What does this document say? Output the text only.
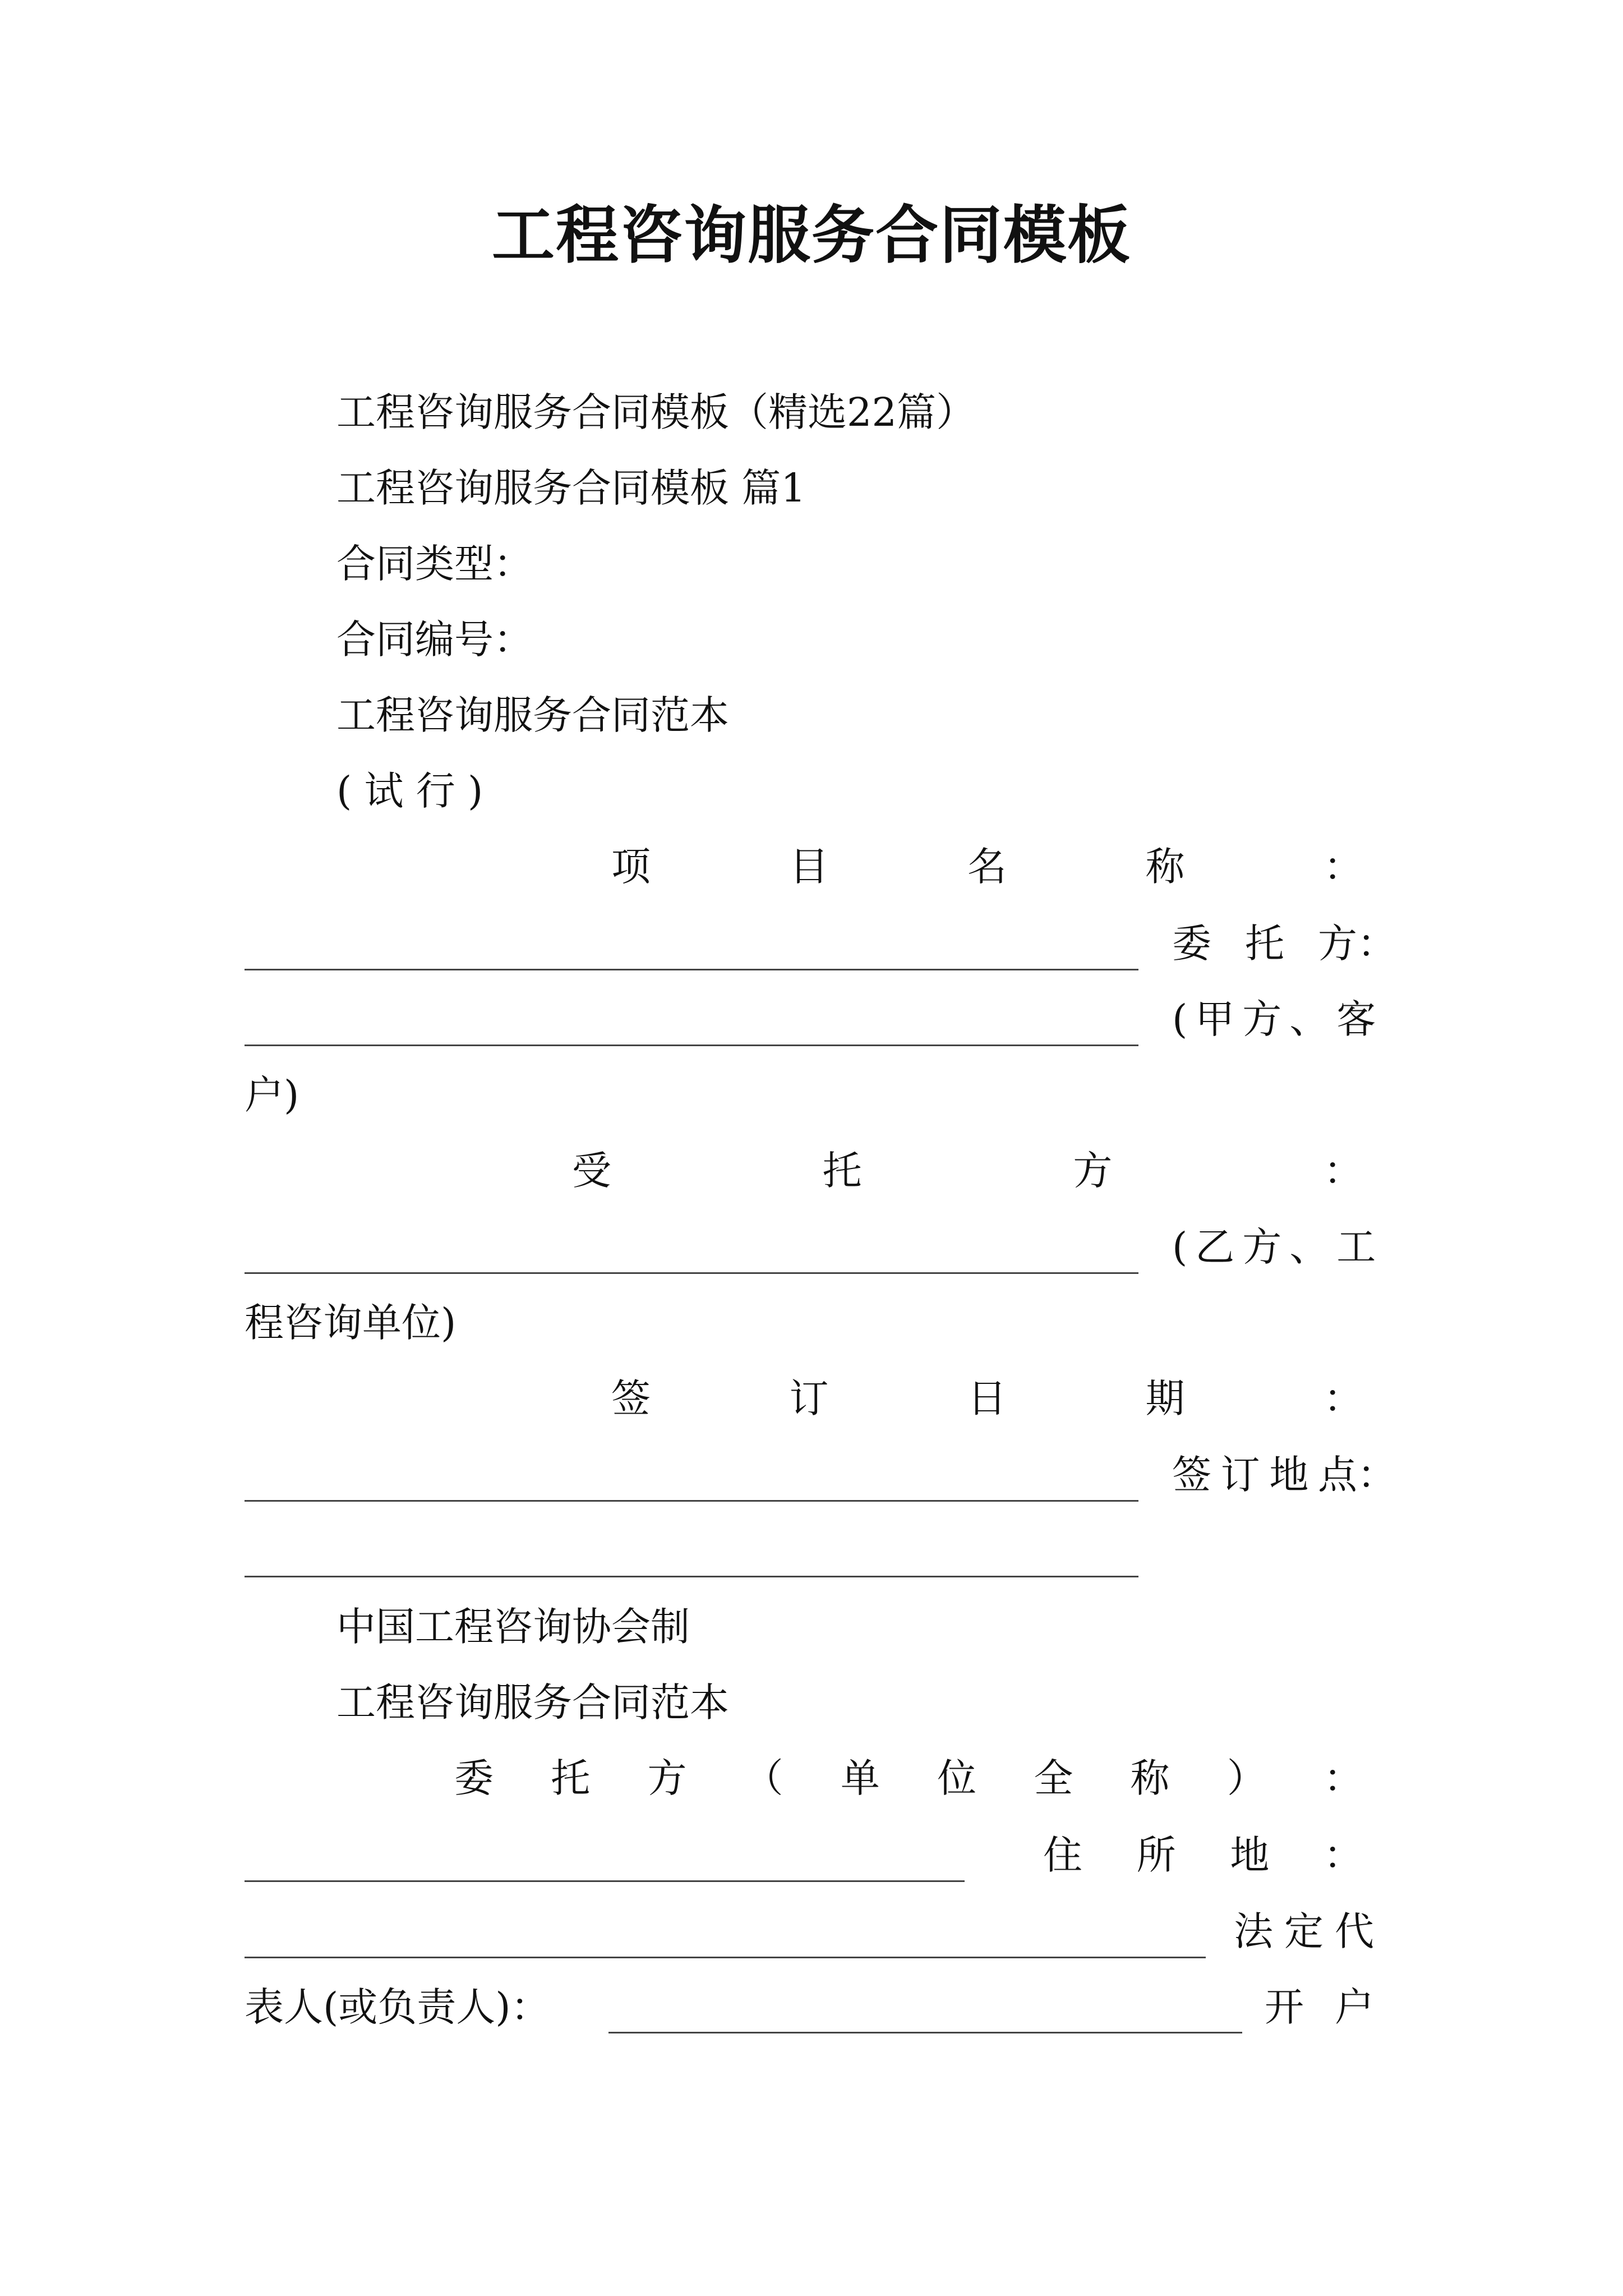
工程咨询服务合同模板
工程咨询服务合同模板（精选22篇）
工程咨询服务合同模板 篇1
合同类型：
合同编号：
工程咨询服务合同范本
( 试 行 )
项	目	名	称	：
委 托 方：
(甲方、客
户)
受	托	方	：
(乙方、工
程咨询单位)
签	订	日	期	：
签 订 地 点：
中国工程咨询协会制
工程咨询服务合同范本
委 托 方 （ 单 位 全 称 ） ：
住 所 地 ：
法 定 代
表人(或负责人)：	开 户
